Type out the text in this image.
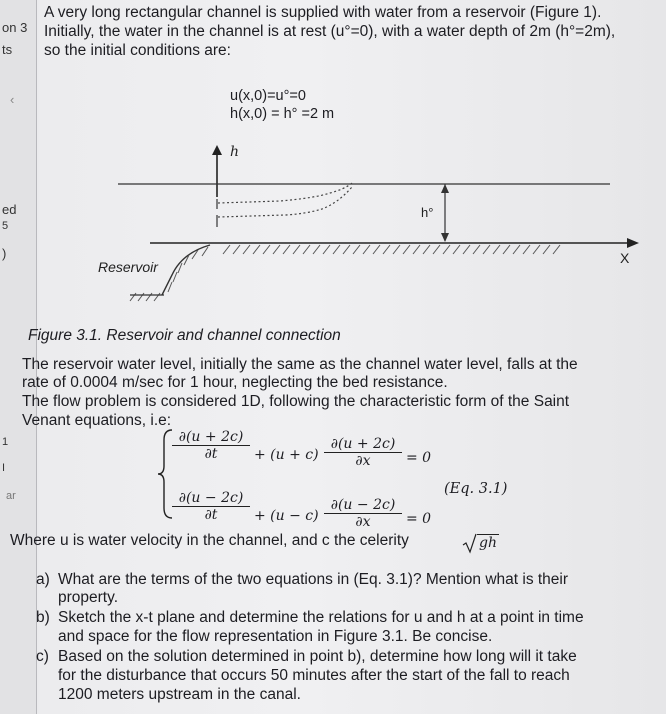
on 3
ts
‹
ed
5
)
1
I
ar
A very long rectangular channel is supplied with water from a reservoir (Figure 1).
Initially, the water in the channel is at rest (u°=0), with a water depth of 2m (h°=2m),
so the initial conditions are:
u(x,0)=u°=0
h(x,0) = h° =2 m
h
h°
X
Reservoir
Figure 3.1. Reservoir and channel connection
The reservoir water level, initially the same as the channel water level, falls at the
rate of 0.0004 m/sec for 1 hour, neglecting the bed resistance.
The flow problem is considered 1D, following the characteristic form of the Saint
Venant equations, i.e:
$\frac{\partial(u + 2c)}{\partial t} + (u + c) \frac{\partial(u + 2c)}{\partial x} = 0$
(Eq. 3.1)
$\frac{\partial(u - 2c)}{\partial t} + (u - c) \frac{\partial(u - 2c)}{\partial x} = 0$
Where u is water velocity in the channel, and c the celerity	gh
a) What are the terms of the two equations in (Eq. 3.1)? Mention what is their
property.
b) Sketch the x-t plane and determine the relations for u and h at a point in time
and space for the flow representation in Figure 3.1. Be concise.
c) Based on the solution determined in point b), determine how long will it take
for the disturbance that occurs 50 minutes after the start of the fall to reach
1200 meters upstream in the canal.
